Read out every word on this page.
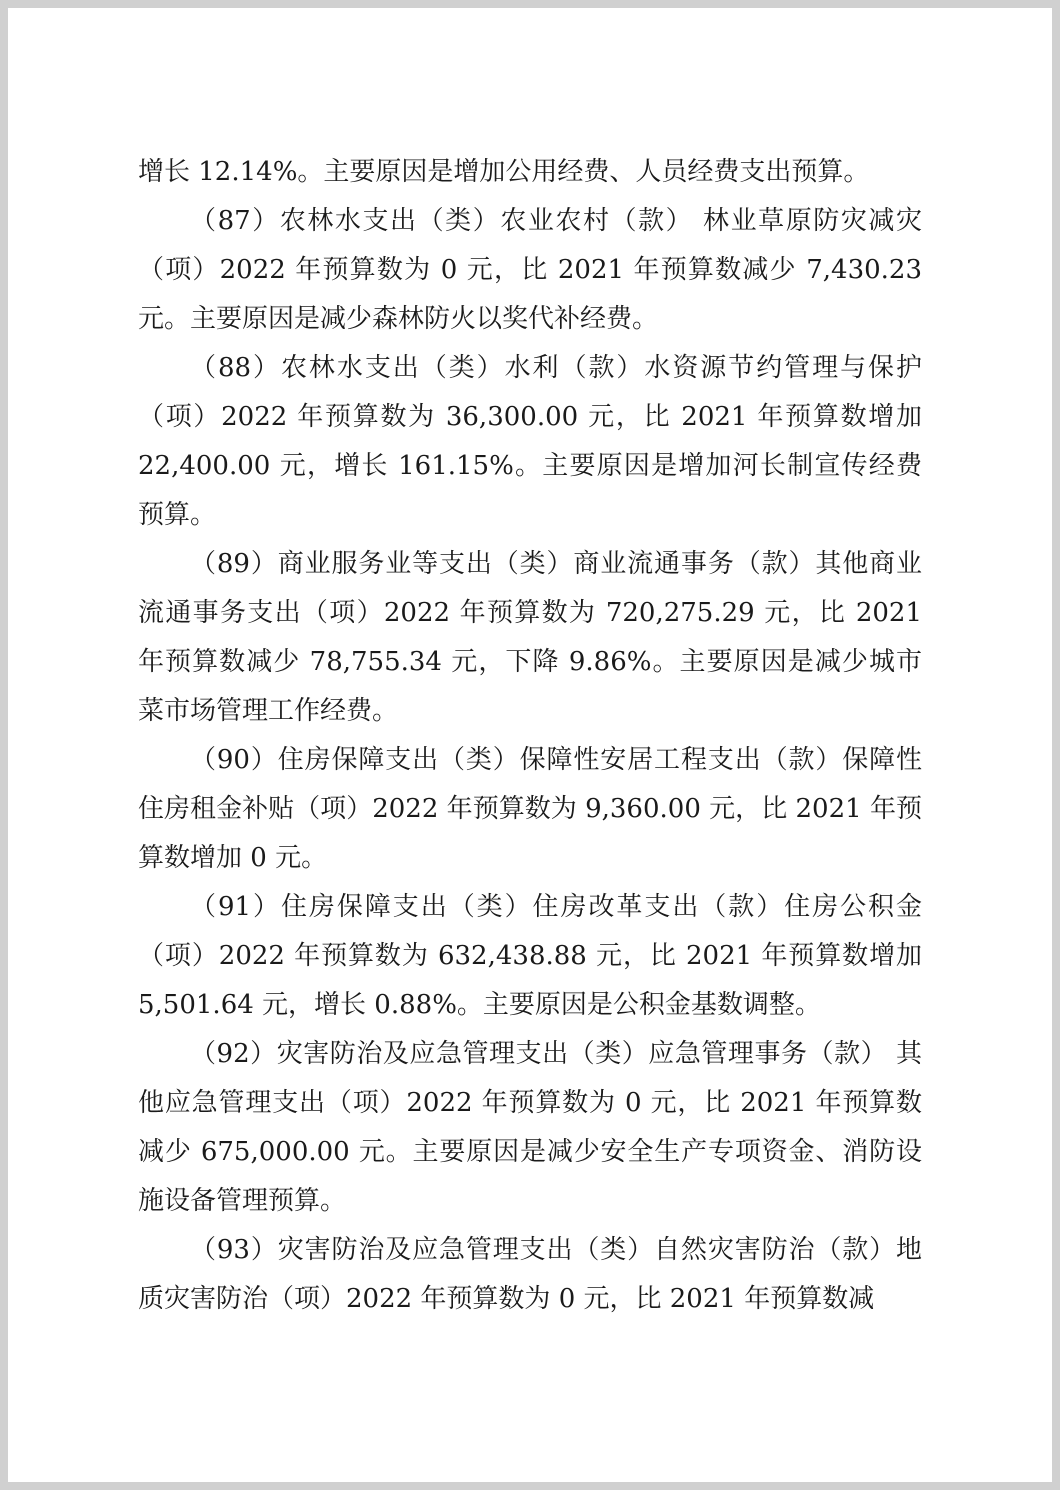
增长 12.14%。主要原因是增加公用经费、人员经费支出预算。

（87）农林水支出（类）农业农村（款） 林业草原防灾减灾（项）2022 年预算数为 0 元，比 2021 年预算数减少 7,430.23 元。主要原因是减少森林防火以奖代补经费。

（88）农林水支出（类）水利（款）水资源节约管理与保护（项）2022 年预算数为 36,300.00 元，比 2021 年预算数增加 22,400.00 元，增长 161.15%。主要原因是增加河长制宣传经费预算。

（89）商业服务业等支出（类）商业流通事务（款）其他商业流通事务支出（项）2022 年预算数为 720,275.29 元，比 2021 年预算数减少 78,755.34 元，下降 9.86%。主要原因是减少城市菜市场管理工作经费。

（90）住房保障支出（类）保障性安居工程支出（款）保障性住房租金补贴（项）2022 年预算数为 9,360.00 元，比 2021 年预算数增加 0 元。

（91）住房保障支出（类）住房改革支出（款）住房公积金（项）2022 年预算数为 632,438.88 元，比 2021 年预算数增加 5,501.64 元，增长 0.88%。主要原因是公积金基数调整。

（92）灾害防治及应急管理支出（类）应急管理事务（款） 其他应急管理支出（项）2022 年预算数为 0 元，比 2021 年预算数减少 675,000.00 元。主要原因是减少安全生产专项资金、消防设施设备管理预算。

（93）灾害防治及应急管理支出（类）自然灾害防治（款）地质灾害防治（项）2022 年预算数为 0 元，比 2021 年预算数减
